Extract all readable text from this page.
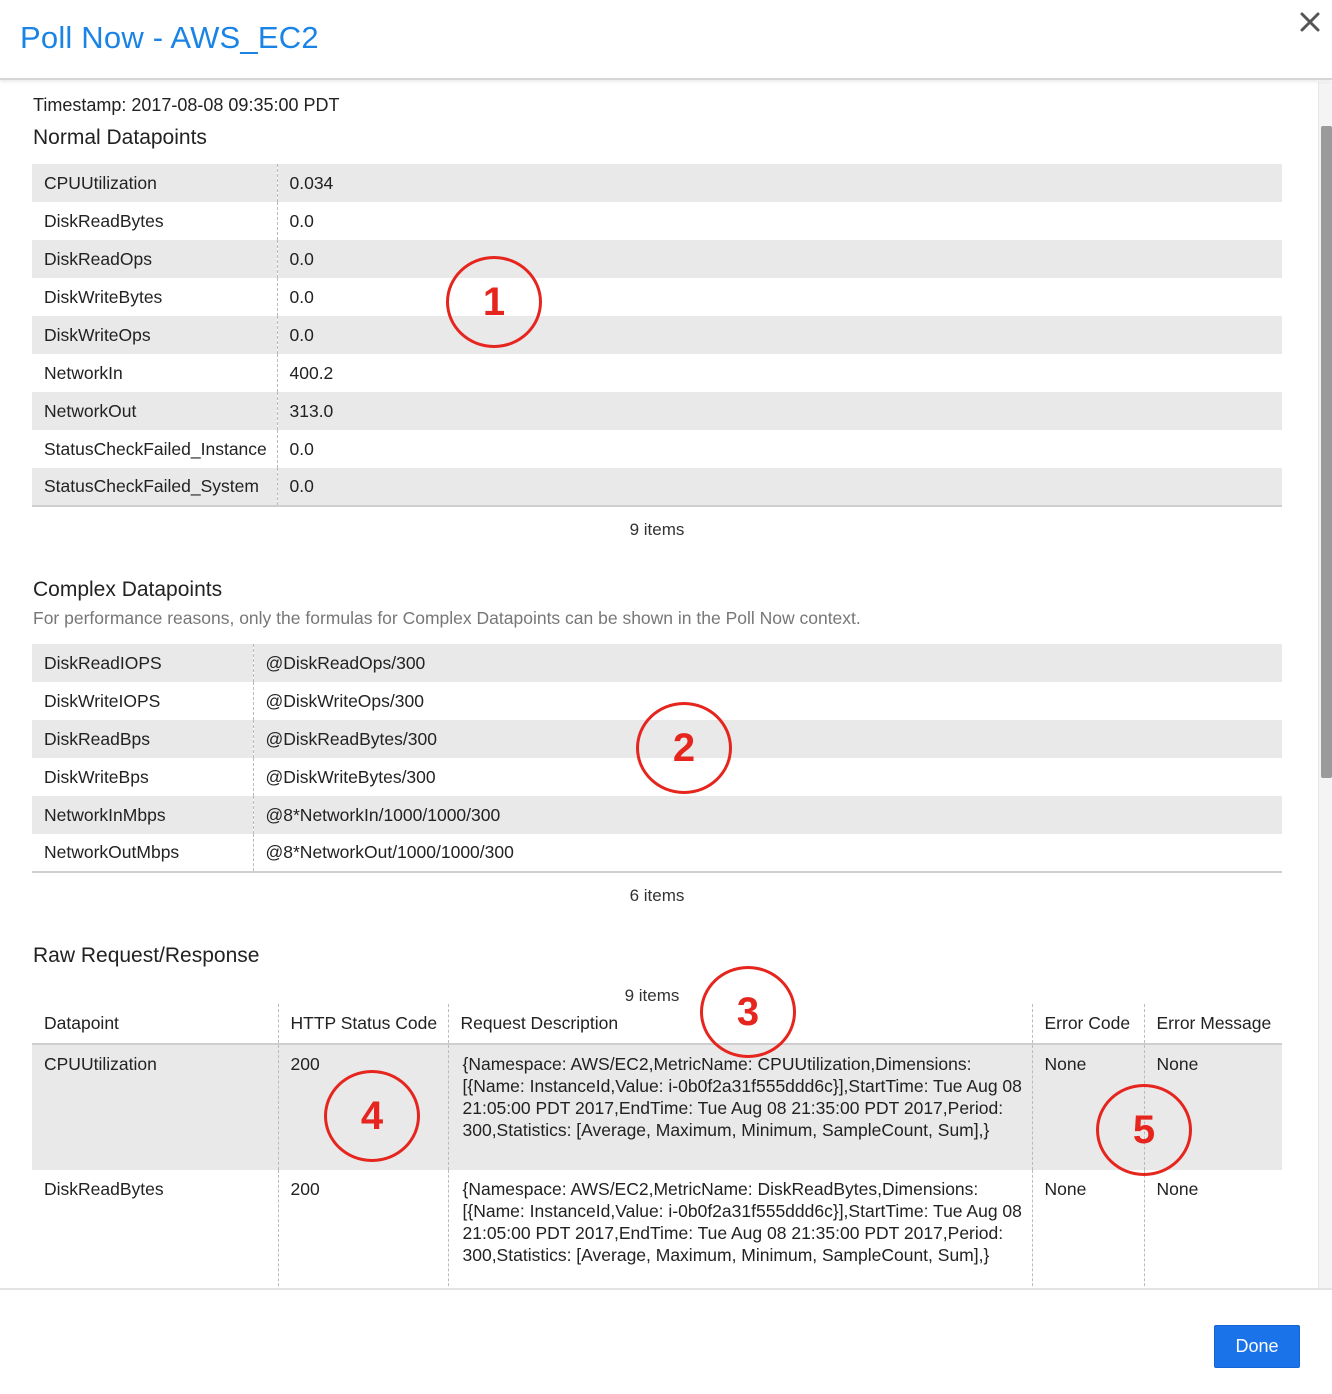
Poll Now - AWS_EC2
Timestamp: 2017-08-08 09:35:00 PDT
Normal Datapoints
CPUUtilization	0.034
DiskReadBytes	0.0
DiskReadOps	0.0
DiskWriteBytes	0.0
DiskWriteOps	0.0
NetworkIn	400.2
NetworkOut	313.0
StatusCheckFailed_Instance	0.0
StatusCheckFailed_System	0.0
9 items
Complex Datapoints
For performance reasons, only the formulas for Complex Datapoints can be shown in the Poll Now context.
DiskReadIOPS	@DiskReadOps/300
DiskWriteIOPS	@DiskWriteOps/300
DiskReadBps	@DiskReadBytes/300
DiskWriteBps	@DiskWriteBytes/300
NetworkInMbps	@8*NetworkIn/1000/1000/300
NetworkOutMbps	@8*NetworkOut/1000/1000/300
6 items
Raw Request/Response
9 items
Datapoint	HTTP Status Code	Request Description	Error Code	Error Message
CPUUtilization	200	{Namespace: AWS/EC2,MetricName: CPUUtilization,Dimensions: [{Name: InstanceId,Value: i-0b0f2a31f555ddd6c}],StartTime: Tue Aug 08 21:05:00 PDT 2017,EndTime: Tue Aug 08 21:35:00 PDT 2017,Period: 300,Statistics: [Average, Maximum, Minimum, SampleCount, Sum],}	None	None
DiskReadBytes	200	{Namespace: AWS/EC2,MetricName: DiskReadBytes,Dimensions: [{Name: InstanceId,Value: i-0b0f2a31f555ddd6c}],StartTime: Tue Aug 08 21:05:00 PDT 2017,EndTime: Tue Aug 08 21:35:00 PDT 2017,Period: 300,Statistics: [Average, Maximum, Minimum, SampleCount, Sum],}	None	None
1
2
3
4	5
Done
